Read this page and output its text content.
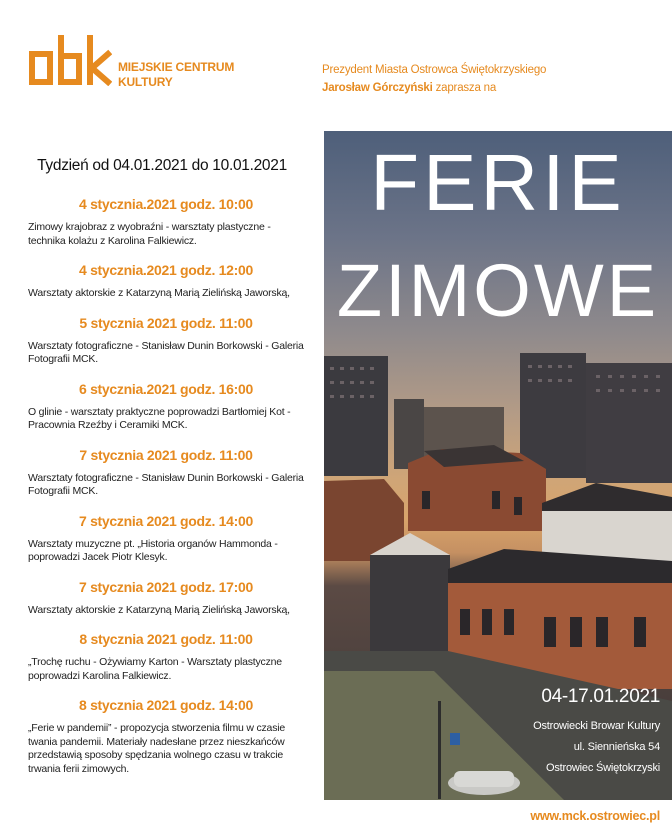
MIEJSKIE CENTRUM
KULTURY
Prezydent Miasta Ostrowca Świętokrzyskiego
Jarosław Górczyński zaprasza na
Tydzień od 04.01.2021 do 10.01.2021
4 stycznia.2021 godz. 10:00
Zimowy krajobraz z wyobraźni - warsztaty plastyczne - technika kolażu z Karolina Falkiewicz.
4 stycznia.2021 godz. 12:00
Warsztaty aktorskie z Katarzyną Marią Zielińską Jaworską,
5 stycznia 2021 godz. 11:00
Warsztaty fotograficzne - Stanisław Dunin Borkowski - Galeria Fotografii MCK.
6 stycznia.2021 godz. 16:00
O glinie - warsztaty praktyczne poprowadzi Bartłomiej Kot - Pracownia Rzeźby i Ceramiki MCK.
7 stycznia 2021 godz. 11:00
Warsztaty fotograficzne - Stanisław Dunin Borkowski - Galeria Fotografii MCK.
7 stycznia 2021 godz. 14:00
Warsztaty muzyczne pt. „Historia organów Hammonda - poprowadzi Jacek Piotr Klesyk.
7 stycznia 2021 godz. 17:00
Warsztaty aktorskie z Katarzyną Marią Zielińską Jaworską,
8 stycznia 2021 godz. 11:00
„Trochę ruchu - Ożywiamy Karton - Warsztaty plastyczne poprowadzi Karolina Falkiewicz.
8 stycznia 2021 godz. 14:00
„Ferie w pandemii” - propozycja stworzenia filmu w czasie twania pandemii. Materiały nadesłane przez nieszkańców przedstawią sposoby spędzania wolnego czasu w trakcie trwania ferii zimowych.
FERIE
ZIMOWE
04-17.01.2021
Ostrowiecki Browar Kultury
ul. Siennieńska 54
Ostrowiec Świętokrzyski
www.mck.ostrowiec.pl
